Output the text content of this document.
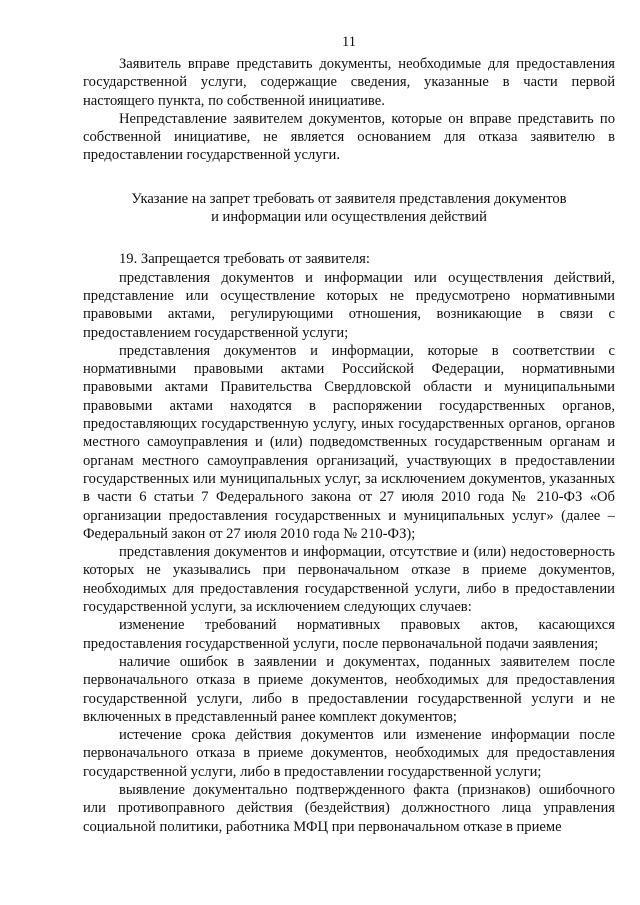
11

Заявитель вправе представить документы, необходимые для предоставления государственной услуги, содержащие сведения, указанные в части первой настоящего пункта, по собственной инициативе.

Непредставление заявителем документов, которые он вправе представить по собственной инициативе, не является основанием для отказа заявителю в предоставлении государственной услуги.

Указание на запрет требовать от заявителя представления документов
и информации или осуществления действий

19. Запрещается требовать от заявителя:

представления документов и информации или осуществления действий, представление или осуществление которых не предусмотрено нормативными правовыми актами, регулирующими отношения, возникающие в связи с предоставлением государственной услуги;

представления документов и информации, которые в соответствии с нормативными правовыми актами Российской Федерации, нормативными правовыми актами Правительства Свердловской области и муниципальными правовыми актами находятся в распоряжении государственных органов, предоставляющих государственную услугу, иных государственных органов, органов местного самоуправления и (или) подведомственных государственным органам и органам местного самоуправления организаций, участвующих в предоставлении государственных или муниципальных услуг, за исключением документов, указанных в части 6 статьи 7 Федерального закона от 27 июля 2010 года № 210-ФЗ «Об организации предоставления государственных и муниципальных услуг» (далее – Федеральный закон от 27 июля 2010 года № 210-ФЗ);

представления документов и информации, отсутствие и (или) недостоверность которых не указывались при первоначальном отказе в приеме документов, необходимых для предоставления государственной услуги, либо в предоставлении государственной услуги, за исключением следующих случаев:

изменение требований нормативных правовых актов, касающихся предоставления государственной услуги, после первоначальной подачи заявления;

наличие ошибок в заявлении и документах, поданных заявителем после первоначального отказа в приеме документов, необходимых для предоставления государственной услуги, либо в предоставлении государственной услуги и не включенных в представленный ранее комплект документов;

истечение срока действия документов или изменение информации после первоначального отказа в приеме документов, необходимых для предоставления государственной услуги, либо в предоставлении государственной услуги;

выявление документально подтвержденного факта (признаков) ошибочного или противоправного действия (бездействия) должностного лица управления социальной политики, работника МФЦ при первоначальном отказе в приеме
